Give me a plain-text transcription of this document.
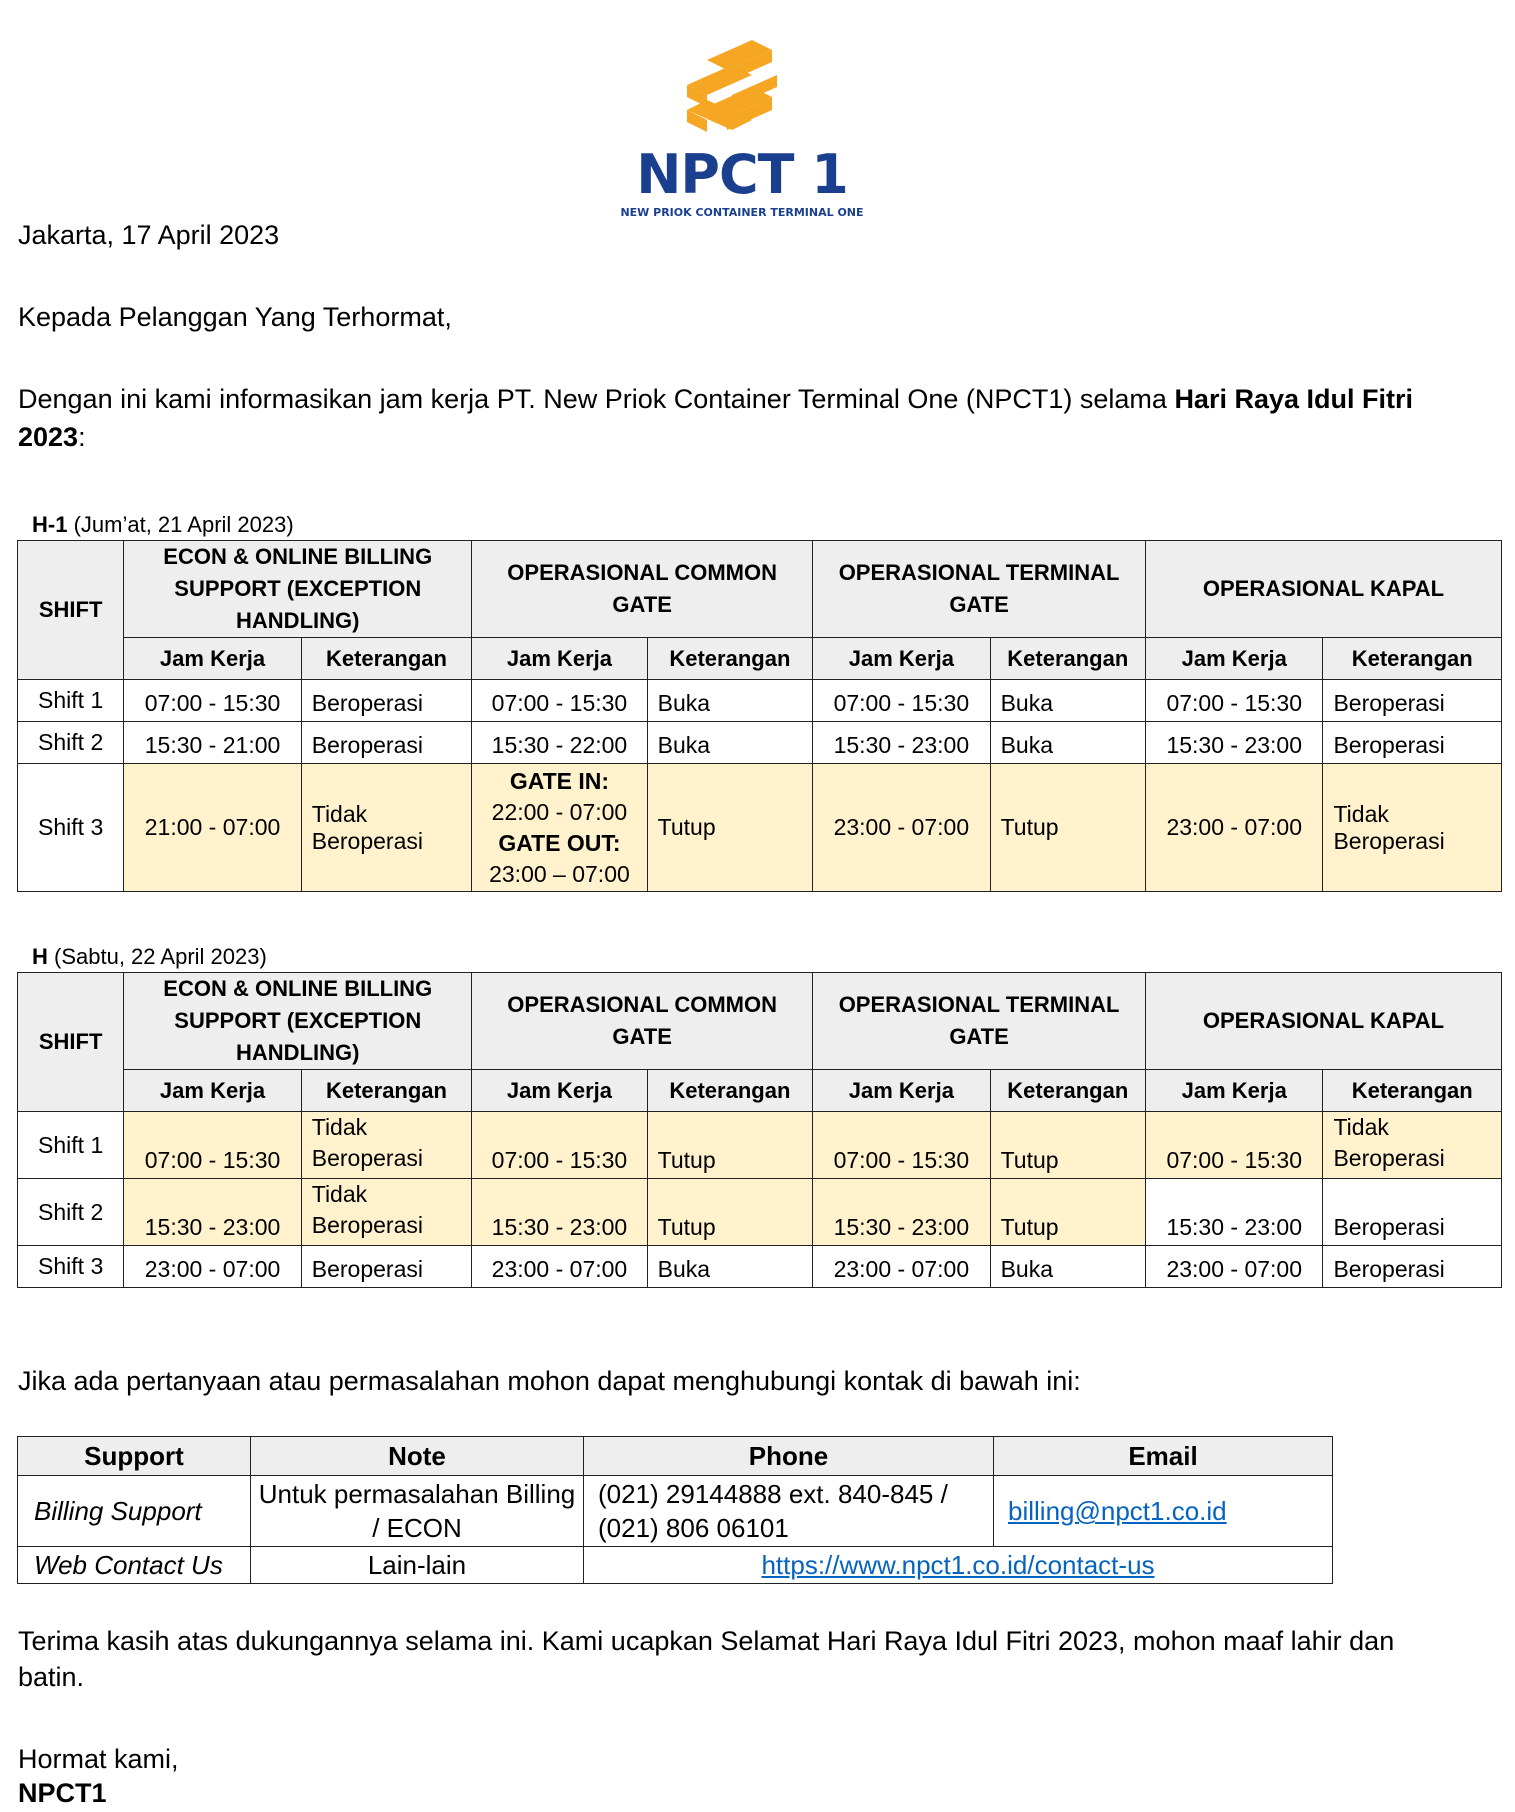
NPCT 1
NEW PRIOK CONTAINER TERMINAL ONE
Jakarta, 17 April 2023
Kepada Pelanggan Yang Terhormat,
Dengan ini kami informasikan jam kerja PT. New Priok Container Terminal One (NPCT1) selama Hari Raya Idul Fitri
2023:
H-1 (Jum’at, 21 April 2023)
SHIFT	ECON & ONLINE BILLING SUPPORT (EXCEPTION HANDLING)		OPERASIONAL COMMON GATE		OPERASIONAL TERMINAL GATE		OPERASIONAL KAPAL	
	Jam Kerja	Keterangan	Jam Kerja	Keterangan	Jam Kerja	Keterangan	Jam Kerja	Keterangan
Shift 1	07:00 - 15:30	Beroperasi	07:00 - 15:30	Buka	07:00 - 15:30	Buka	07:00 - 15:30	Beroperasi
Shift 2	15:30 - 21:00	Beroperasi	15:30 - 22:00	Buka	15:30 - 23:00	Buka	15:30 - 23:00	Beroperasi
Shift 3	21:00 - 07:00	Tidak Beroperasi	GATE IN:
22:00 - 07:00
GATE OUT:
23:00 – 07:00	Tutup	23:00 - 07:00	Tutup	23:00 - 07:00	Tidak Beroperasi
H (Sabtu, 22 April 2023)
SHIFT	ECON & ONLINE BILLING SUPPORT (EXCEPTION HANDLING)		OPERASIONAL COMMON GATE		OPERASIONAL TERMINAL GATE		OPERASIONAL KAPAL	
	Jam Kerja	Keterangan	Jam Kerja	Keterangan	Jam Kerja	Keterangan	Jam Kerja	Keterangan
Shift 1	07:00 - 15:30	Tidak Beroperasi	07:00 - 15:30	Tutup	07:00 - 15:30	Tutup	07:00 - 15:30	Tidak Beroperasi
Shift 2	15:30 - 23:00	Tidak Beroperasi	15:30 - 23:00	Tutup	15:30 - 23:00	Tutup	15:30 - 23:00	Beroperasi
Shift 3	23:00 - 07:00	Beroperasi	23:00 - 07:00	Buka	23:00 - 07:00	Buka	23:00 - 07:00	Beroperasi
Jika ada pertanyaan atau permasalahan mohon dapat menghubungi kontak di bawah ini:
Support	Note	Phone	Email
Billing Support	Untuk permasalahan Billing / ECON	(021) 29144888 ext. 840-845 /
(021) 806 06101	billing@npct1.co.id
Web Contact Us	Lain-lain	https://www.npct1.co.id/contact-us	
Terima kasih atas dukungannya selama ini. Kami ucapkan Selamat Hari Raya Idul Fitri 2023, mohon maaf lahir dan
batin.
Hormat kami,
NPCT1
